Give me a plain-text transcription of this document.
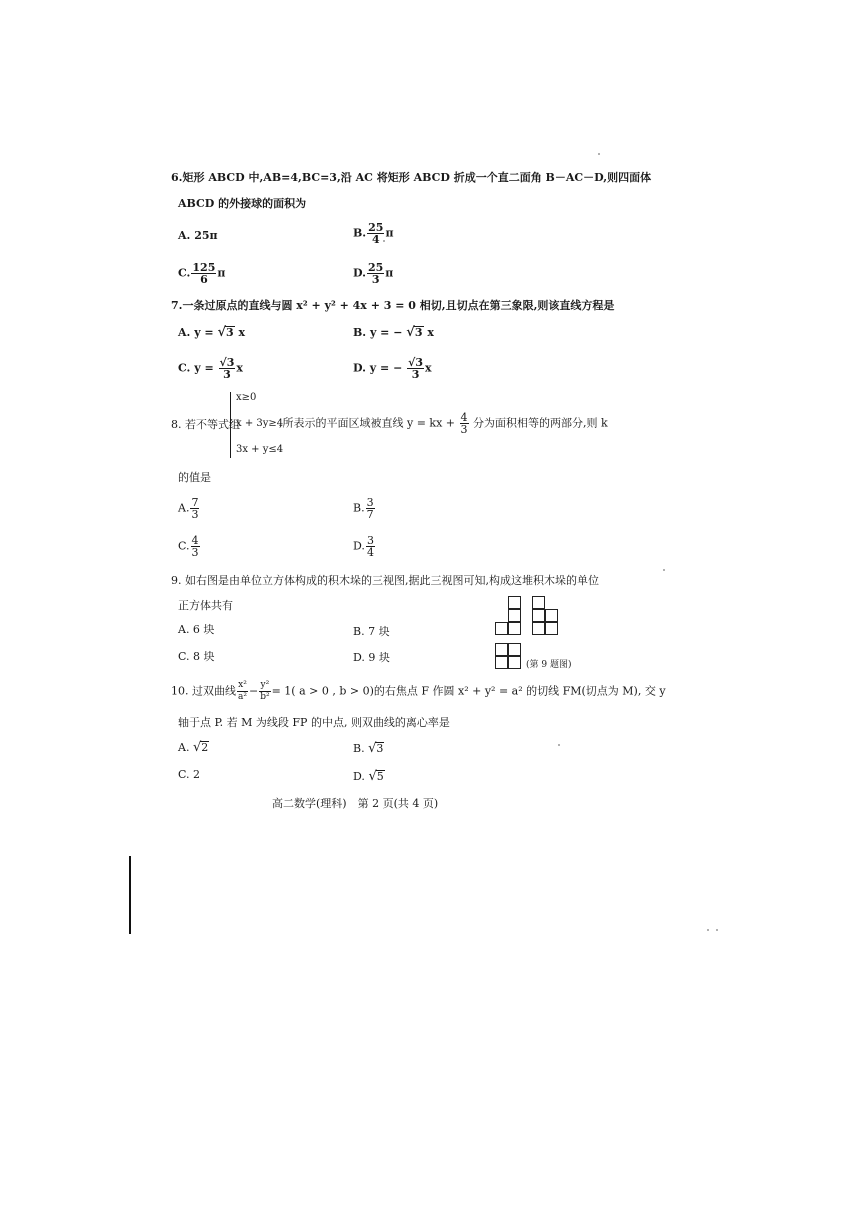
6.矩形 ABCD 中,AB=4,BC=3,沿 AC 将矩形 ABCD 折成一个直二面角 B－AC－D,则四面体
ABCD 的外接球的面积为
A. 25π	B. $\frac{25}{4}$ π
C. $\frac{125}{6}$ π	D. $\frac{25}{3}$ π
7.一条过原点的直线与圆 x² + y² + 4x + 3 = 0 相切,且切点在第三象限,则该直线方程是
A. y = √3 x	B. y = − √3 x
C. $y = \frac{√3}{3}$ x	D. y = − $\frac{√3}{3}$ x
x≥0
x + 3y≥4
3x + y≤4
8. 若不等式组	,所表示的平面区域被直线 y = kx + $\frac{4}{3}$ 分为面积相等的两部分,则 k
的值是
A. $\frac{7}{3}$	B. $\frac{3}{7}$
C. $\frac{4}{3}$	D. $\frac{3}{4}$
9. 如右图是由单位立方体构成的积木垛的三视图,据此三视图可知,构成这堆积木垛的单位
正方体共有
A. 6 块	B. 7 块
C. 8 块	D. 9 块
(第 9 题图)
10. 过双曲线 $\frac{\text{x²}}{\text{a²}} - \frac{\text{y²}}{\text{b²}} = 1$( a > 0 , b > 0)的右焦点 F 作圆 x² + y² = a² 的切线 FM(切点为 M), 交 y
轴于点 P. 若 M 为线段 FP 的中点, 则双曲线的离心率是
A. √2	B. √3
C. 2	D. √5
高二数学(理科)　第 2 页(共 4 页)
